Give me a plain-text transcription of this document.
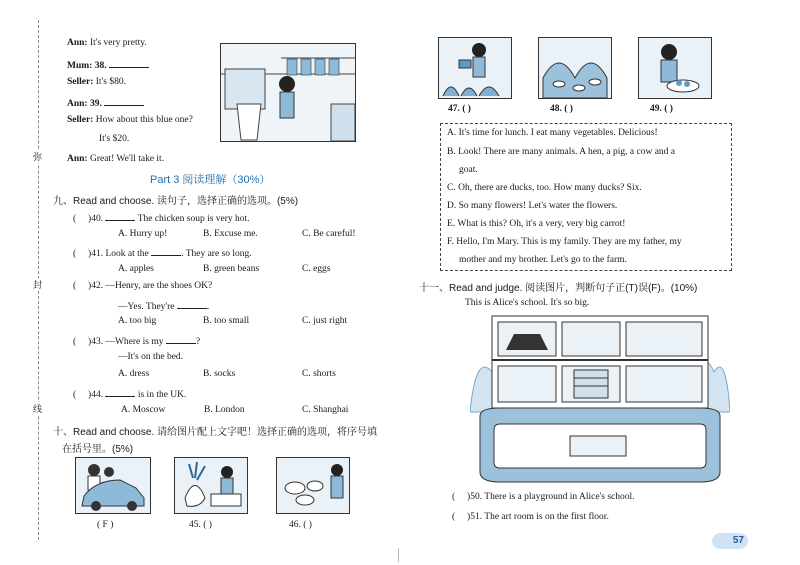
弥
封
线
Ann: It's very pretty.
Mum: 38.
Seller: It's $80.
Ann: 39.
Seller: How about this blue one?
It's $20.
Ann: Great! We'll take it.
Part 3 阅读理解（30%）
九、Read and choose. 读句子，选择正确的选项。(5%)
(     )40.	The chicken soup is very hot.
A. Hurry up!	B. Excuse me.	C. Be careful!
(     )41. Look at the	. They are so long.
A. apples	B. green beans	C. eggs
(     )42. —Henry, are the shoes OK?
—Yes. They're	.
A. too big	B. too small	C. just right
(     )43. —Where is my	?
—It's on the bed.
A. dress	B. socks	C. shorts
(     )44.	is in the UK.
A. Moscow	B. London	C. Shanghai
十、Read and choose. 请给图片配上文字吧！选择正确的选项，将序号填
在括号里。(5%)
( F )	45. ( )	46. ( )
47. ( )	48. ( )	49. ( )
A. It's time for lunch. I eat many vegetables. Delicious!
B. Look! There are many animals. A hen, a pig, a cow and a
goat.
C. Oh, there are ducks, too. How many ducks? Six.
D. So many flowers! Let's water the flowers.
E. What is this? Oh, it's a very, very big carrot!
F. Hello, I'm Mary. This is my family. They are my father, my
mother and my brother. Let's go to the farm.
十一、Read and judge. 阅读图片，判断句子正(T)误(F)。(10%)
This is Alice's school. It's so big.
(     )50. There is a playground in Alice's school.
(     )51. The art room is on the first floor.
57
